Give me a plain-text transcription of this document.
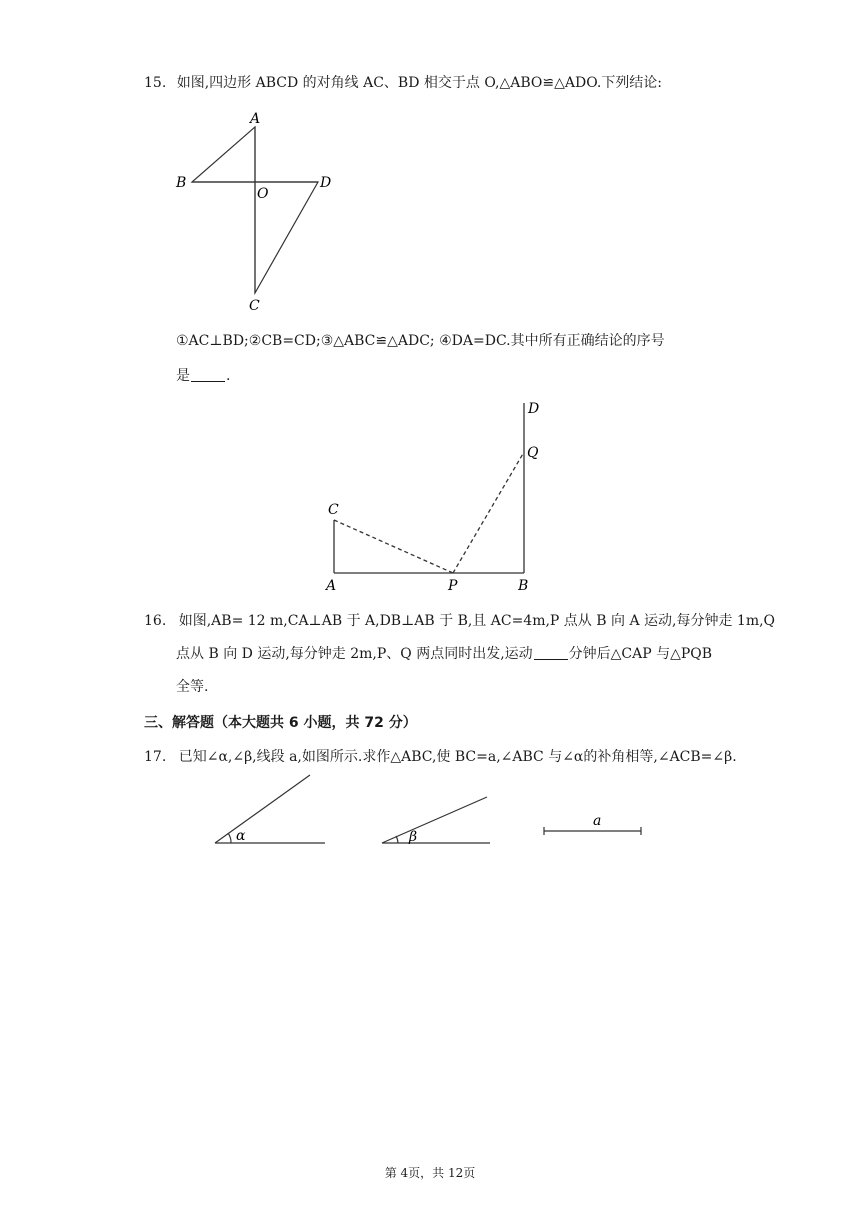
15. 如图,四边形 ABCD 的对角线 AC、BD 相交于点 O,△ABO≌△ADO.下列结论:
A
B	D
O
C
①AC⊥BD;②CB=CD;③△ABC≌△ADC; ④DA=DC.其中所有正确结论的序号
是	.
C
A	P	B
D
Q
16. 如图,AB= 12 m,CA⊥AB 于 A,DB⊥AB 于 B,且 AC=4m,P 点从 B 向 A 运动,每分钟走 1m,Q
点从 B 向 D 运动,每分钟走 2m,P、Q 两点同时出发,运动	分钟后△CAP 与△PQB
全等.
三、解答题（本大题共 6 小题，共 72 分）
17. 已知∠α,∠β,线段 a,如图所示.求作△ABC,使 BC=a,∠ABC 与∠α的补角相等,∠ACB=∠β.
α	β
a
第 4页，共 12页
